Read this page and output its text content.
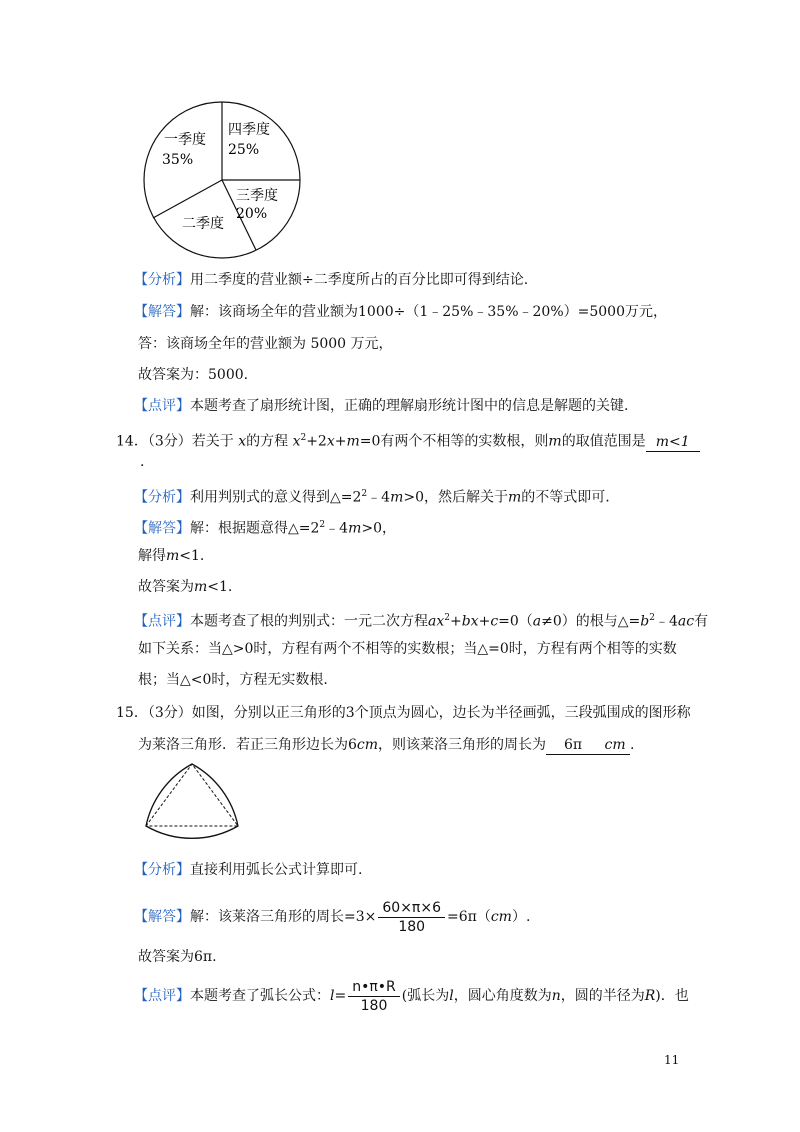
一季度
35%
四季度
25%
三季度
20%
二季度
【分析】用二季度的营业额÷二季度所占的百分比即可得到结论.
【解答】解：该商场全年的营业额为1000÷（1﹣25%﹣35%﹣20%）=5000万元，
答：该商场全年的营业额为 5000 万元，
故答案为：5000.
【点评】本题考查了扇形统计图，正确的理解扇形统计图中的信息是解题的关键.
14．（3分）若关于 x的方程 $x^2+2x+m=0$有两个不相等的实数根，则m的取值范围是 m<1
.
【分析】利用判别式的意义得到$\triangle=2^2﹣4m>0$，然后解关于m的不等式即可.
【解答】解：根据题意得$\triangle=2^2﹣4m>0$，
解得m<1.
故答案为m<1.
【点评】本题考查了根的判别式：一元二次方程$ax^2+bx+c=0(a\ne 0)$的根与$\triangle=b^2﹣4ac$有
如下关系：当△>0时，方程有两个不相等的实数根；当△=0时，方程有两个相等的实数
根；当△<0时，方程无实数根.
15．（3分）如图，分别以正三角形的3个顶点为圆心，边长为半径画弧，三段弧围成的图形称
为莱洛三角形．若正三角形边长为6cm，则该莱洛三角形的周长为 6π cm .
【分析】直接利用弧长公式计算即可.
【解答】解：该莱洛三角形的周长$=3\times \frac{60\times\pi\times 6}{180} =6\pi(cm)$.
故答案为6π.
【点评】本题考查了弧长公式：$l= \frac{n•\pi•R}{180}$ (弧长为l，圆心角度数为n，圆的半径为R)．也
11
